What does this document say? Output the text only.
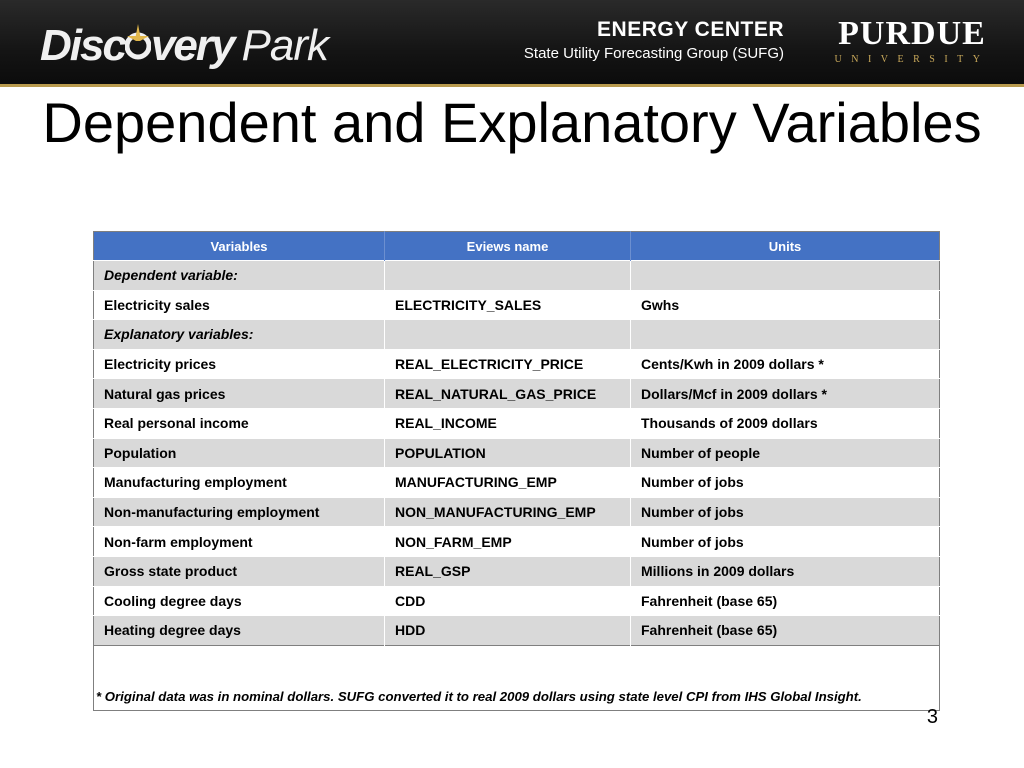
Disc very Park	ENERGY CENTER
State Utility Forecasting Group (SUFG)
PURDUE
UNIVERSITY
Dependent and Explanatory Variables
Variables	Eviews name	Units
Dependent variable:		
Electricity sales	ELECTRICITY_SALES	Gwhs
Explanatory variables:		
Electricity prices	REAL_ELECTRICITY_PRICE	Cents/Kwh in 2009 dollars *
Natural gas prices	REAL_NATURAL_GAS_PRICE	Dollars/Mcf in 2009 dollars *
Real personal income	REAL_INCOME	Thousands of 2009 dollars
Population	POPULATION	Number of people
Manufacturing employment	MANUFACTURING_EMP	Number of jobs
Non-manufacturing employment	NON_MANUFACTURING_EMP	Number of jobs
Non-farm employment	NON_FARM_EMP	Number of jobs
Gross state product	REAL_GSP	Millions in 2009 dollars
Cooling degree days	CDD	Fahrenheit (base 65)
Heating degree days	HDD	Fahrenheit (base 65)
* Original data was in nominal dollars. SUFG converted it to real 2009 dollars using state level CPI from IHS Global Insight.		
3
